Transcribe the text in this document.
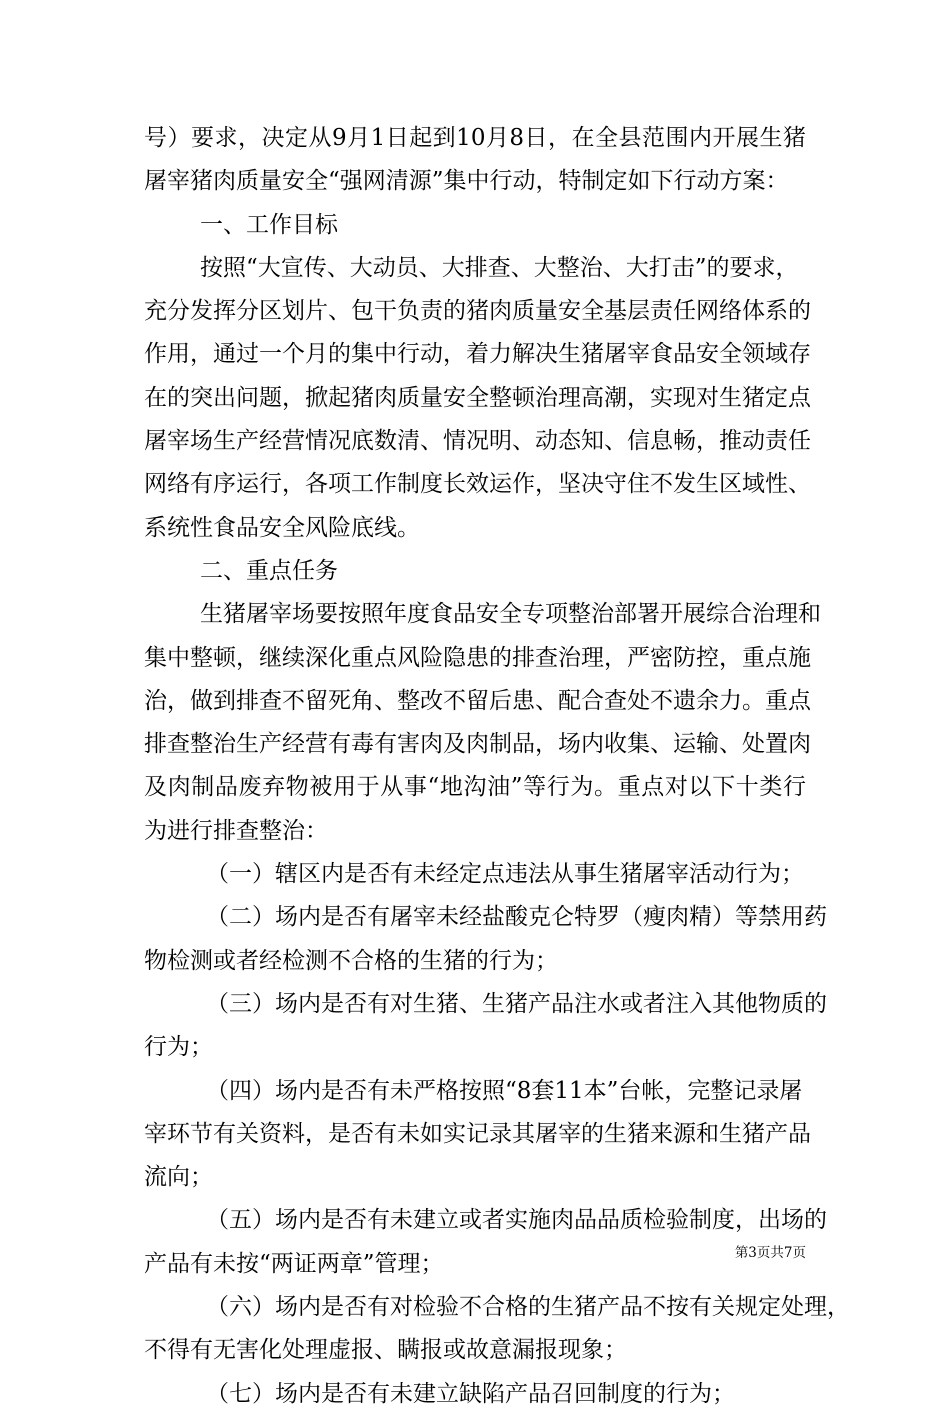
号）要求，决定从9月1日起到10月8日，在全县范围内开展生猪
屠宰猪肉质量安全“强网清源”集中行动，特制定如下行动方案：
一、工作目标
按照“大宣传、大动员、大排查、大整治、大打击”的要求，
充分发挥分区划片、包干负责的猪肉质量安全基层责任网络体系的
作用，通过一个月的集中行动，着力解决生猪屠宰食品安全领域存
在的突出问题，掀起猪肉质量安全整顿治理高潮，实现对生猪定点
屠宰场生产经营情况底数清、情况明、动态知、信息畅，推动责任
网络有序运行，各项工作制度长效运作，坚决守住不发生区域性、
系统性食品安全风险底线。
二、重点任务
生猪屠宰场要按照年度食品安全专项整治部署开展综合治理和
集中整顿，继续深化重点风险隐患的排查治理，严密防控，重点施
治，做到排查不留死角、整改不留后患、配合查处不遗余力。重点
排查整治生产经营有毒有害肉及肉制品，场内收集、运输、处置肉
及肉制品废弃物被用于从事“地沟油”等行为。重点对以下十类行
为进行排查整治：
（一）辖区内是否有未经定点违法从事生猪屠宰活动行为；
（二）场内是否有屠宰未经盐酸克仑特罗（瘦肉精）等禁用药
物检测或者经检测不合格的生猪的行为；
（三）场内是否有对生猪、生猪产品注水或者注入其他物质的
行为；
（四）场内是否有未严格按照“8套11本”台帐，完整记录屠
宰环节有关资料，是否有未如实记录其屠宰的生猪来源和生猪产品
流向；
（五）场内是否有未建立或者实施肉品品质检验制度，出场的
产品有未按“两证两章”管理；
（六）场内是否有对检验不合格的生猪产品不按有关规定处理，
不得有无害化处理虚报、瞒报或故意漏报现象；
（七）场内是否有未建立缺陷产品召回制度的行为；
第3页共7页
